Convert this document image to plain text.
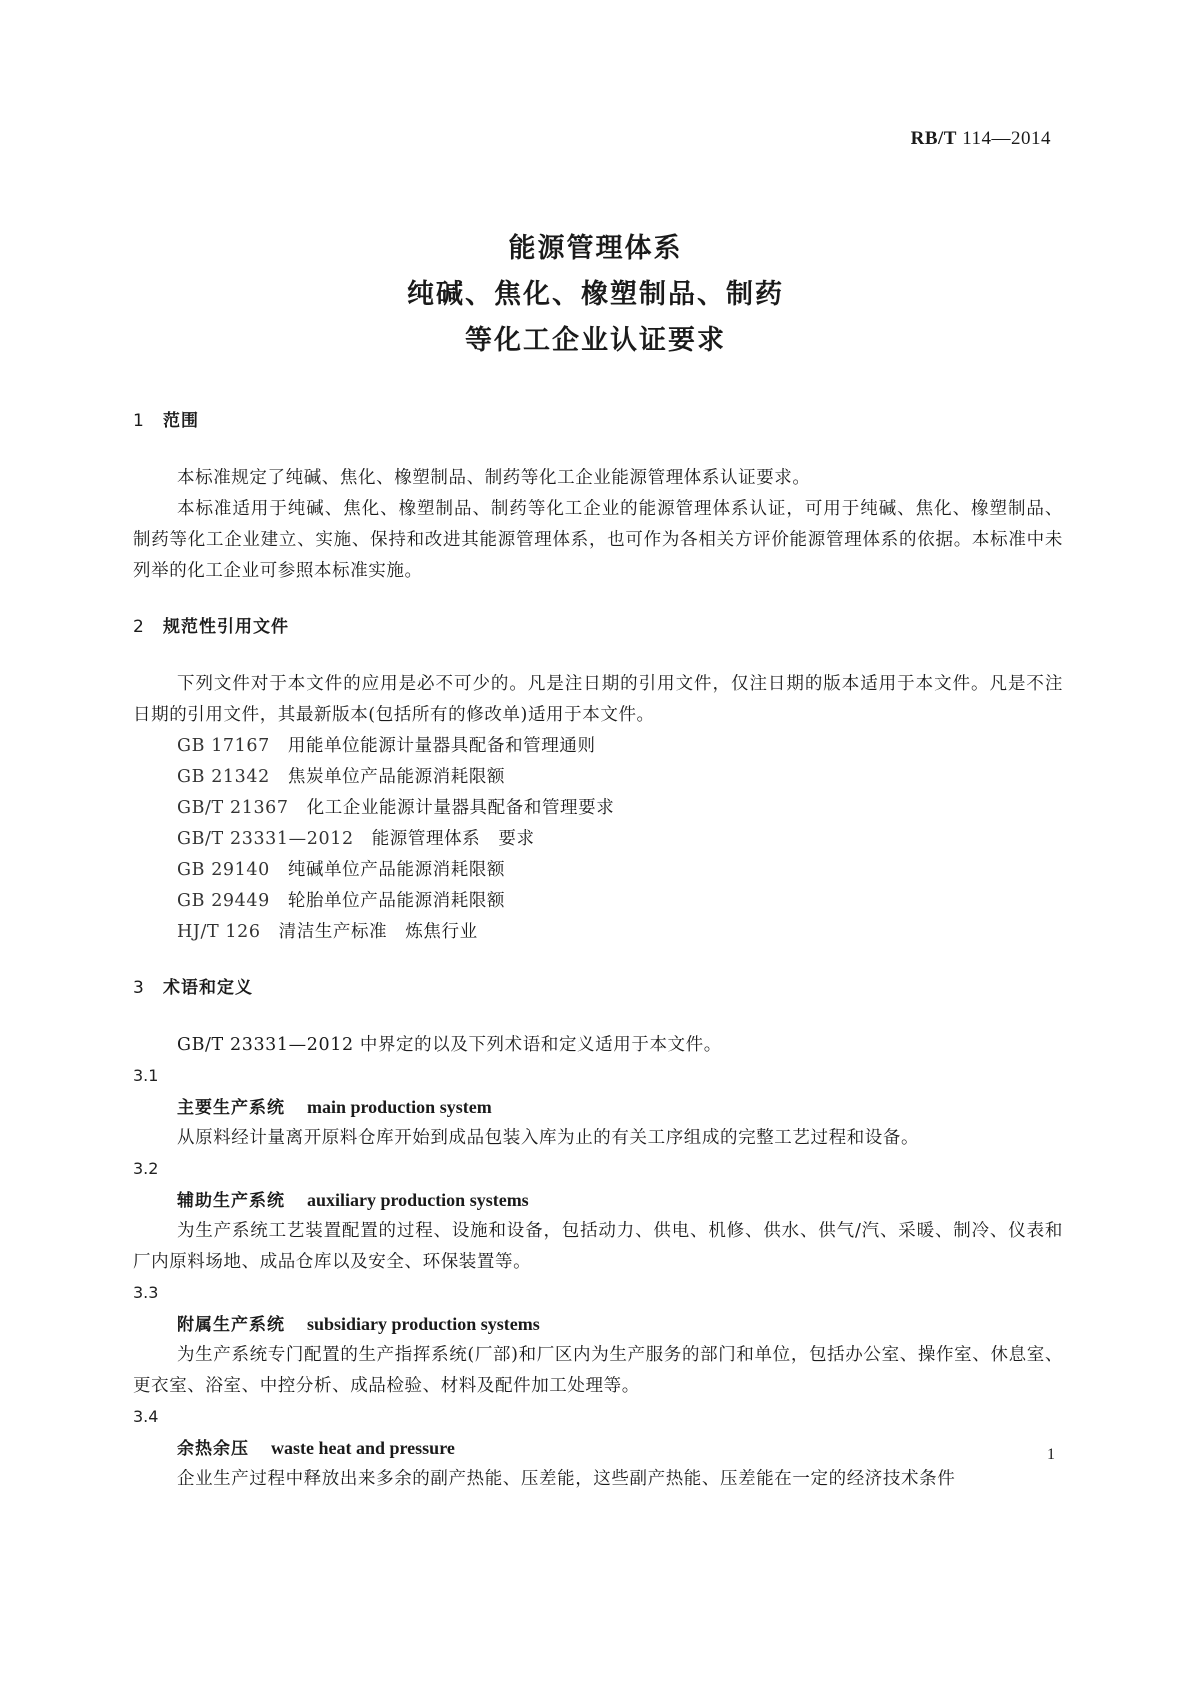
RB/T 114—2014
能源管理体系
纯碱、焦化、橡塑制品、制药
等化工企业认证要求
1 范围
本标准规定了纯碱、焦化、橡塑制品、制药等化工企业能源管理体系认证要求。
本标准适用于纯碱、焦化、橡塑制品、制药等化工企业的能源管理体系认证，可用于纯碱、焦化、橡塑制品、制药等化工企业建立、实施、保持和改进其能源管理体系，也可作为各相关方评价能源管理体系的依据。本标准中未列举的化工企业可参照本标准实施。
2 规范性引用文件
下列文件对于本文件的应用是必不可少的。凡是注日期的引用文件，仅注日期的版本适用于本文件。凡是不注日期的引用文件，其最新版本(包括所有的修改单)适用于本文件。
GB 17167 用能单位能源计量器具配备和管理通则
GB 21342 焦炭单位产品能源消耗限额
GB/T 21367 化工企业能源计量器具配备和管理要求
GB/T 23331—2012 能源管理体系　要求
GB 29140 纯碱单位产品能源消耗限额
GB 29449 轮胎单位产品能源消耗限额
HJ/T 126 清洁生产标准　炼焦行业
3 术语和定义
GB/T 23331—2012 中界定的以及下列术语和定义适用于本文件。
3.1
主要生产系统 main production system
从原料经计量离开原料仓库开始到成品包装入库为止的有关工序组成的完整工艺过程和设备。
3.2
辅助生产系统 auxiliary production systems
为生产系统工艺装置配置的过程、设施和设备，包括动力、供电、机修、供水、供气/汽、采暖、制冷、仪表和厂内原料场地、成品仓库以及安全、环保装置等。
3.3
附属生产系统 subsidiary production systems
为生产系统专门配置的生产指挥系统(厂部)和厂区内为生产服务的部门和单位，包括办公室、操作室、休息室、更衣室、浴室、中控分析、成品检验、材料及配件加工处理等。
3.4
余热余压 waste heat and pressure
企业生产过程中释放出来多余的副产热能、压差能，这些副产热能、压差能在一定的经济技术条件
1
